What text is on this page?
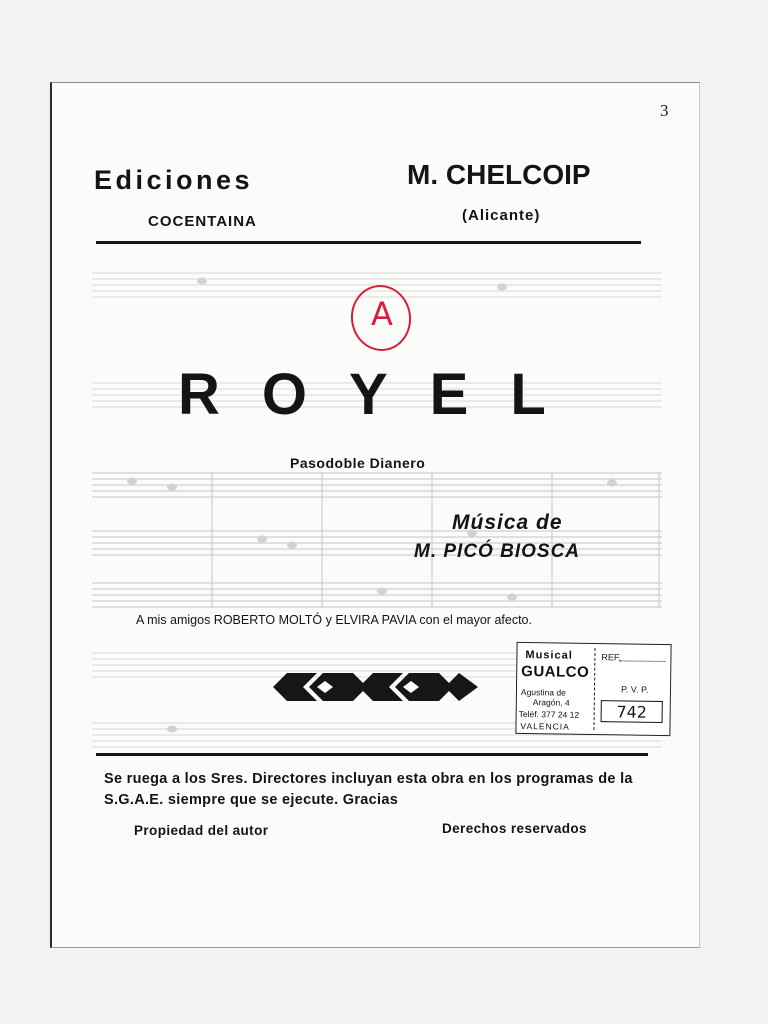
3
Ediciones
COCENTAINA
M. CHELCOIP
(Alicante)
A
ROYEL
Pasodoble Dianero
Música de
M. PICÓ BIOSCA
A mis amigos ROBERTO MOLTÓ y ELVIRA PAVIA con el mayor afecto.
Musical
GUALCO
Agustina de
Aragón, 4
Teléf. 377 24 12
VALENCIA
REF.
P. V. P.
742
Se ruega a los Sres. Directores incluyan esta obra en los programas de la S.G.A.E. siempre que se ejecute. Gracias
Propiedad del autor	Derechos reservados
